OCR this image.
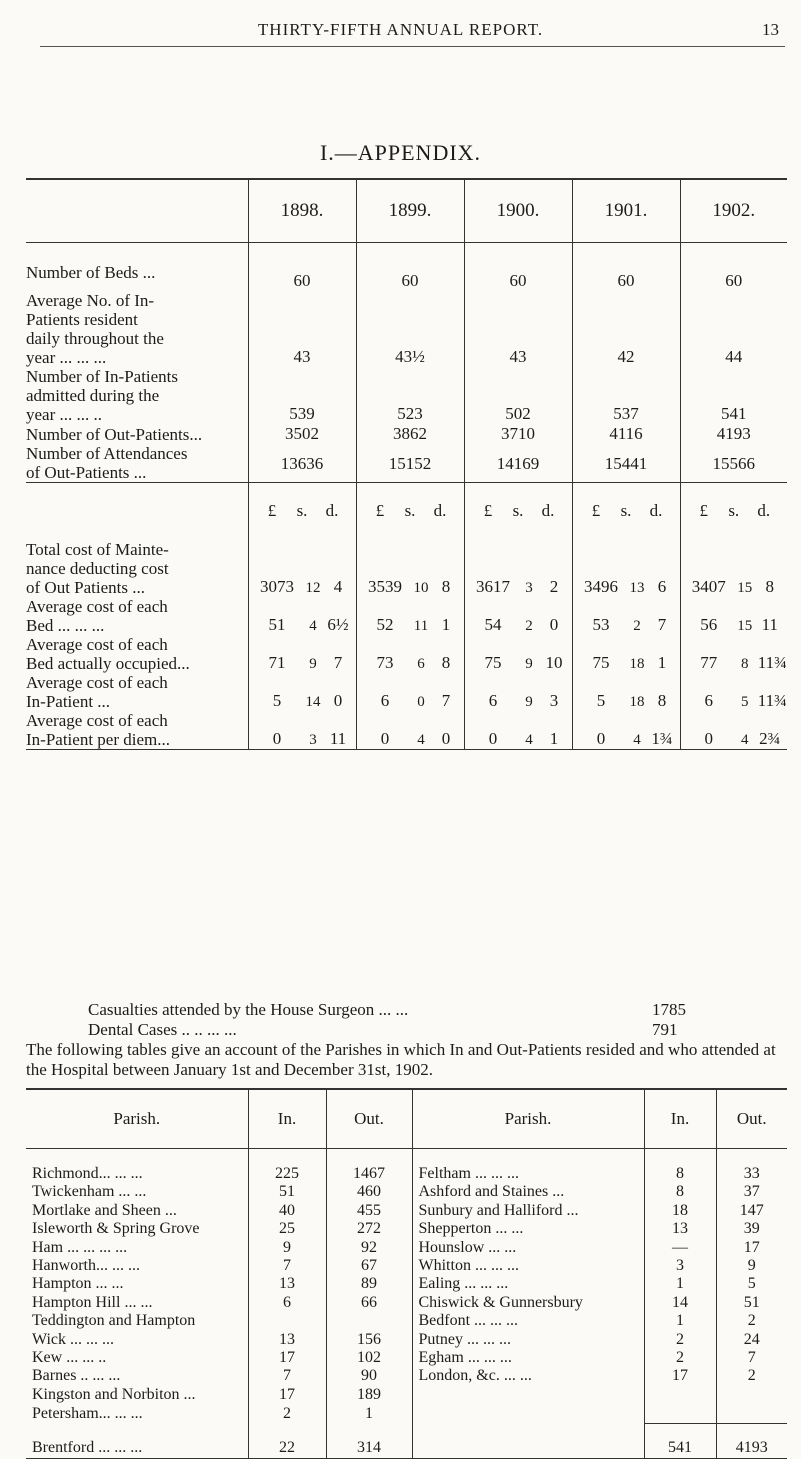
THIRTY-FIFTH ANNUAL REPORT.	13
I.—APPENDIX.

	1898.	1899.	1900.	1901.	1902.

Number of Beds ...	60	60	60	60	60

Average No. of In-
Patients resident
daily throughout the
year ... ... ...	43	43½	43	42	44

Number of In-Patients
admitted during the
year ... ... ..	539	523	502	537	541

Number of Out-Patients...	3502	3862	3710	4116	4193

Number of Attendances
of Out-Patients ...	13636	15152	14169	15441	15566
	£ s. d.	£ s. d.	£ s. d.	£ s. d.	£ s. d.

Total cost of Mainte-
nance deducting cost
of Out Patients ...	3073 12 4	3539 10 8	3617 3 2	3496 13 6	3407 15 8

Average cost of each
Bed ... ... ...	51 4 6½	52 11 1	54 2 0	53 2 7	56 15 11

Average cost of each
Bed actually occupied...	71 9 7	73 6 8	75 9 10	75 18 1	77 8 11¾

Average cost of each
In-Patient ...	5 14 0	6 0 7	6 9 3	5 18 8	6 5 11¾

Average cost of each
In-Patient per diem...	0 3 11	0 4 0	0 4 1	0 4 1¾	0 4 2¾

Casualties attended by the House Surgeon ... ...	1785
Dental Cases .. .. ... ...	791
The following tables give an account of the Parishes in which In and Out-Patients resided and who attended at the Hospital between January 1st and December 31st, 1902.

Parish.	In.	Out.	Parish.	In.	Out.

Richmond... ... ...	225	1467	Feltham ... ... ...	8	33
Twickenham ... ...	51	460	Ashford and Staines ...	8	37
Mortlake and Sheen ...	40	455	Sunbury and Halliford ...	18	147
Isleworth & Spring Grove	25	272	Shepperton ... ...	13	39
Ham ... ... ... ...	9	92	Hounslow ... ...	—	17
Hanworth... ... ...	7	67	Whitton ... ... ...	3	9
Hampton ... ...	13	89	Ealing ... ... ...	1	5
Hampton Hill ... ...	6	66	Chiswick & Gunnersbury	14	51
Teddington and Hampton			Bedfont ... ... ...	1	2
Wick ... ... ...	13	156	Putney ... ... ...	2	24
Kew ... ... ..	17	102	Egham ... ... ...	2	7
Barnes .. ... ...	7	90	London, &c. ... ...	17	2
Kingston and Norbiton ...	17	189			
Petersham... ... ...	2	1			
Brentford ... ... ...	22	314		541	4193
